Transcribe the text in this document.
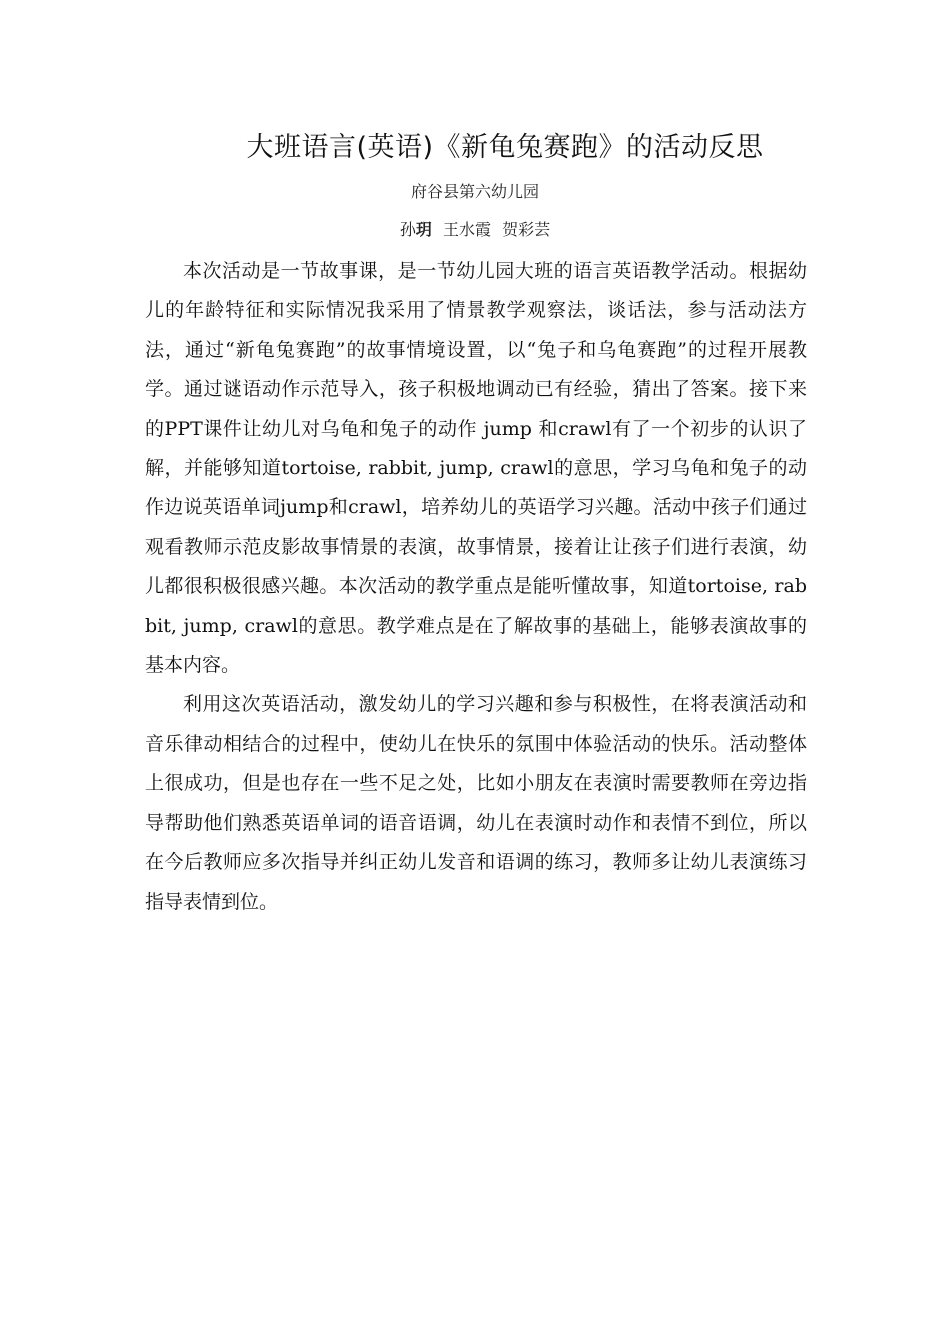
大班语言(英语)《新龟兔赛跑》的活动反思

府谷县第六幼儿园

孙玥 王水霞 贺彩芸

本次活动是一节故事课，是一节幼儿园大班的语言英语教学活动。根据幼儿的年龄特征和实际情况我采用了情景教学观察法，谈话法，参与活动法方法，通过“新龟兔赛跑”的故事情境设置，以“兔子和乌龟赛跑”的过程开展教学。通过谜语动作示范导入，孩子积极地调动已有经验，猜出了答案。接下来的PPT课件让幼儿对乌龟和兔子的动作 jump 和crawl有了一个初步的认识了解，并能够知道tortoise, rabbit, jump, crawl的意思，学习乌龟和兔子的动作边说英语单词jump和crawl，培养幼儿的英语学习兴趣。活动中孩子们通过观看教师示范皮影故事情景的表演，故事情景，接着让让孩子们进行表演，幼儿都很积极很感兴趣。本次活动的教学重点是能听懂故事，知道tortoise, rabbit, jump, crawl的意思。教学难点是在了解故事的基础上，能够表演故事的基本内容。

利用这次英语活动，激发幼儿的学习兴趣和参与积极性，在将表演活动和音乐律动相结合的过程中，使幼儿在快乐的氛围中体验活动的快乐。活动整体上很成功，但是也存在一些不足之处，比如小朋友在表演时需要教师在旁边指导帮助他们熟悉英语单词的语音语调，幼儿在表演时动作和表情不到位，所以在今后教师应多次指导并纠正幼儿发音和语调的练习，教师多让幼儿表演练习指导表情到位。
